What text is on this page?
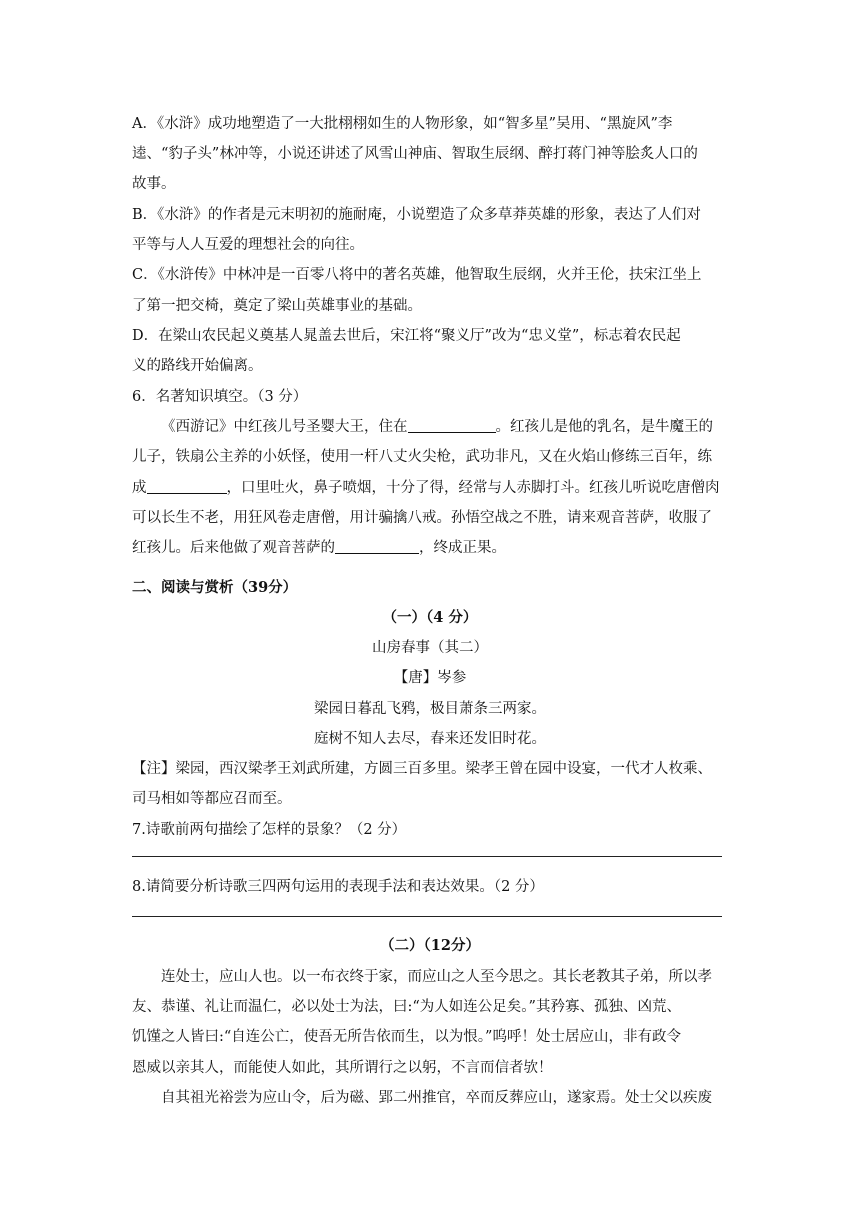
A．《水浒》成功地塑造了一大批栩栩如生的人物形象，如“智多星”吴用、“黑旋风”李
逵、“豹子头”林冲等，小说还讲述了风雪山神庙、智取生辰纲、醉打蒋门神等脍炙人口的
故事。
B．《水浒》的作者是元末明初的施耐庵，小说塑造了众多草莽英雄的形象，表达了人们对
平等与人人互爱的理想社会的向往。
C．《水浒传》中林冲是一百零八将中的著名英雄，他智取生辰纲，火并王伦，扶宋江坐上
了第一把交椅，奠定了梁山英雄事业的基础。
D．在梁山农民起义奠基人晁盖去世后，宋江将“聚义厅”改为“忠义堂”，标志着农民起
义的路线开始偏离。
6．名著知识填空。（3 分）
《西游记》中红孩儿号圣婴大王，住在	。红孩儿是他的乳名，是牛魔王的
儿子，铁扇公主养的小妖怪，使用一杆八丈火尖枪，武功非凡，又在火焰山修练三百年，练
成	，口里吐火，鼻子喷烟，十分了得，经常与人赤脚打斗。红孩儿听说吃唐僧肉
可以长生不老，用狂风卷走唐僧，用计骗擒八戒。孙悟空战之不胜，请来观音菩萨，收服了
红孩儿。后来他做了观音菩萨的	，终成正果。
二、阅读与赏析（39分）
（一）（4 分）
山房春事（其二）
【唐】岑参
梁园日暮乱飞鸦，极目萧条三两家。
庭树不知人去尽，春来还发旧时花。
【注】梁园，西汉梁孝王刘武所建，方圆三百多里。梁孝王曾在园中设宴，一代才人枚乘、
司马相如等都应召而至。
7.诗歌前两句描绘了怎样的景象？（2 分）
8.请简要分析诗歌三四两句运用的表现手法和表达效果。（2 分）
（二）（12分）
连处士，应山人也。以一布衣终于家，而应山之人至今思之。其长老教其子弟，所以孝
友、恭谨、礼让而温仁，必以处士为法，曰:“为人如连公足矣。”其矜寡、孤独、凶荒、
饥馑之人皆曰:“自连公亡，使吾无所告依而生，以为恨。”呜呼！处士居应山，非有政令
恩威以亲其人，而能使人如此，其所谓行之以躬，不言而信者欤！
自其祖光裕尝为应山令，后为磁、郢二州推官，卒而反葬应山，遂家焉。处士父以疾废
